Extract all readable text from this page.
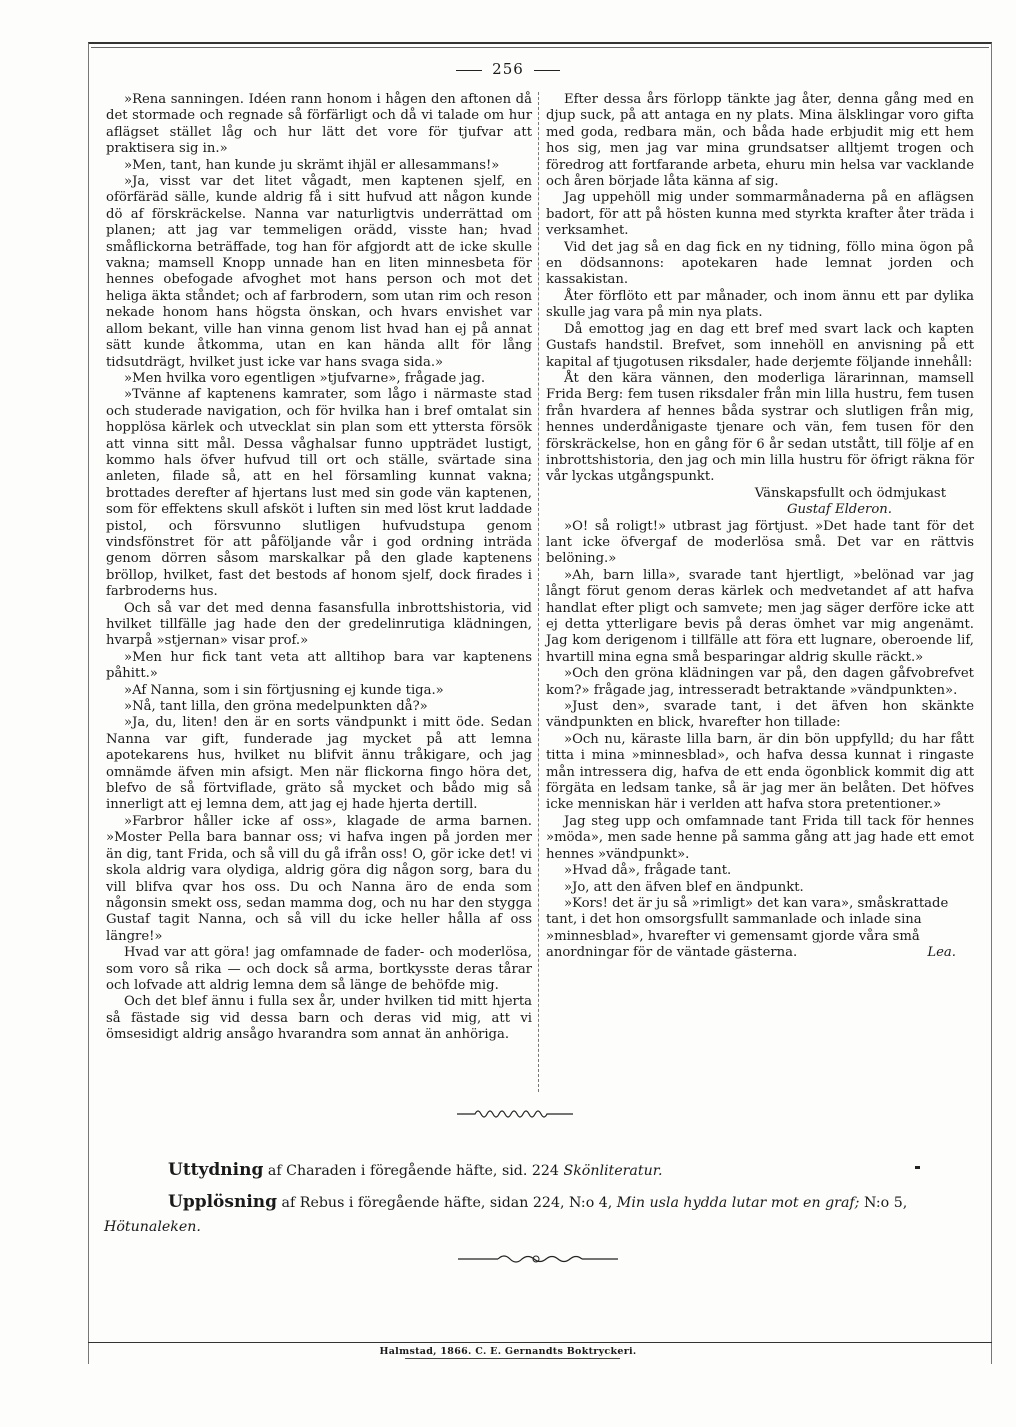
256

»Rena sanningen. Idéen rann honom i hågen den aftonen då det stormade och regnade så förfärligt och då vi talade om hur aflägset stället låg och hur lätt det vore för tjufvar att praktisera sig in.»

»Men, tant, han kunde ju skrämt ihjäl er allesammans!»

»Ja, visst var det litet vågadt, men kaptenen sjelf, en oförfäräd sälle, kunde aldrig få i sitt hufvud att någon kunde dö af förskräckelse. Nanna var naturligtvis underrättad om planen; att jag var temmeligen orädd, visste han; hvad småflickorna beträffade, tog han för afgjordt att de icke skulle vakna; mamsell Knopp unnade han en liten minnesbeta för hennes obefogade afvoghet mot hans person och mot det heliga äkta ståndet; och af farbrodern, som utan rim och reson nekade honom hans högsta önskan, och hvars envishet var allom bekant, ville han vinna genom list hvad han ej på annat sätt kunde åtkomma, utan en kan hända allt för lång tidsutdrägt, hvilket just icke var hans svaga sida.»

»Men hvilka voro egentligen »tjufvarne», frågade jag.

»Tvänne af kaptenens kamrater, som lågo i närmaste stad och studerade navigation, och för hvilka han i bref omtalat sin hopplösa kärlek och utvecklat sin plan som ett yttersta försök att vinna sitt mål. Dessa våghalsar funno uppträdet lustigt, kommo hals öfver hufvud till ort och ställe, svärtade sina anleten, filade så, att en hel församling kunnat vakna; brottades derefter af hjertans lust med sin gode vän kaptenen, som för effektens skull afsköt i luften sin med löst krut laddade pistol, och försvunno slutligen hufvudstupa genom vindsfönstret för att påföljande vår i god ordning inträda genom dörren såsom marskalkar på den glade kaptenens bröllop, hvilket, fast det bestods af honom sjelf, dock firades i farbroderns hus.

Och så var det med denna fasansfulla inbrottshistoria, vid hvilket tillfälle jag hade den der gredelinrutiga klädningen, hvarpå »stjernan» visar prof.»

»Men hur fick tant veta att alltihop bara var kaptenens påhitt.»

»Af Nanna, som i sin förtjusning ej kunde tiga.»

»Nå, tant lilla, den gröna medelpunkten då?»

»Ja, du, liten! den är en sorts vändpunkt i mitt öde. Sedan Nanna var gift, funderade jag mycket på att lemna apotekarens hus, hvilket nu blifvit ännu tråkigare, och jag omnämde äfven min afsigt. Men när flickorna fingo höra det, blefvo de så förtviflade, gräto så mycket och bådo mig så innerligt att ej lemna dem, att jag ej hade hjerta dertill.

»Farbror håller icke af oss», klagade de arma barnen. »Moster Pella bara bannar oss; vi hafva ingen på jorden mer än dig, tant Frida, och så vill du gå ifrån oss! O, gör icke det! vi skola aldrig vara olydiga, aldrig göra dig någon sorg, bara du vill blifva qvar hos oss. Du och Nanna äro de enda som någonsin smekt oss, sedan mamma dog, och nu har den stygga Gustaf tagit Nanna, och så vill du icke heller hålla af oss längre!»

Hvad var att göra! jag omfamnade de fader- och moderlösa, som voro så rika — och dock så arma, bortkysste deras tårar och lofvade att aldrig lemna dem så länge de behöfde mig.

Och det blef ännu i fulla sex år, under hvilken tid mitt hjerta så fästade sig vid dessa barn och deras vid mig, att vi ömsesidigt aldrig ansågo hvarandra som annat än anhöriga.

Efter dessa års förlopp tänkte jag åter, denna gång med en djup suck, på att antaga en ny plats. Mina älsklingar voro gifta med goda, redbara män, och båda hade erbjudit mig ett hem hos sig, men jag var mina grundsatser alltjemt trogen och föredrog att fortfarande arbeta, ehuru min helsa var vacklande och åren började låta känna af sig.

Jag uppehöll mig under sommarmånaderna på en aflägsen badort, för att på hösten kunna med styrkta krafter åter träda i verksamhet.

Vid det jag så en dag fick en ny tidning, föllo mina ögon på en dödsannons: apotekaren hade lemnat jorden och kassakistan.

Åter förflöto ett par månader, och inom ännu ett par dylika skulle jag vara på min nya plats.

Då emottog jag en dag ett bref med svart lack och kapten Gustafs handstil. Brefvet, som innehöll en anvisning på ett kapital af tjugotusen riksdaler, hade derjemte följande innehåll:

Åt den kära vännen, den moderliga lärarinnan, mamsell Frida Berg: fem tusen riksdaler från min lilla hustru, fem tusen från hvardera af hennes båda systrar och slutligen från mig, hennes underdånigaste tjenare och vän, fem tusen för den förskräckelse, hon en gång för 6 år sedan utstått, till följe af en inbrottshistoria, den jag och min lilla hustru för öfrigt räkna för vår lyckas utgångspunkt.

Vänskapsfullt och ödmjukast

Gustaf Elderon.

»O! så roligt!» utbrast jag förtjust. »Det hade tant för det lant icke öfvergaf de moderlösa små. Det var en rättvis belöning.»

»Ah, barn lilla», svarade tant hjertligt, »belönad var jag långt förut genom deras kärlek och medvetandet af att hafva handlat efter pligt och samvete; men jag säger derföre icke att ej detta ytterligare bevis på deras ömhet var mig angenämt. Jag kom derigenom i tillfälle att föra ett lugnare, oberoende lif, hvartill mina egna små besparingar aldrig skulle räckt.»

»Och den gröna klädningen var på, den dagen gåfvobrefvet kom?» frågade jag, intresseradt betraktande »vändpunkten».

»Just den», svarade tant, i det äfven hon skänkte vändpunkten en blick, hvarefter hon tillade:

»Och nu, käraste lilla barn, är din bön uppfylld; du har fått titta i mina »minnesblad», och hafva dessa kunnat i ringaste mån intressera dig, hafva de ett enda ögonblick kommit dig att förgäta en ledsam tanke, så är jag mer än belåten. Det höfves icke menniskan här i verlden att hafva stora pretentioner.»

Jag steg upp och omfamnade tant Frida till tack för hennes »möda», men sade henne på samma gång att jag hade ett emot hennes »vändpunkt».

»Hvad då», frågade tant.

»Jo, att den äfven blef en ändpunkt.

»Kors! det är ju så »rimligt» det kan vara», småskrattade tant, i det hon omsorgsfullt sammanlade och inlade sina »minnesblad», hvarefter vi gemensamt gjorde våra små anordningar för de väntade gästerna.	Lea.

Uttydning af Charaden i föregående häfte, sid. 224 Skönliteratur.
Upplösning af Rebus i föregående häfte, sidan 224, N:o 4, Min usla hydda lutar mot en graf; N:o 5,
Hötunaleken.
Halmstad, 1866. C. E. Gernandts Boktryckeri.
